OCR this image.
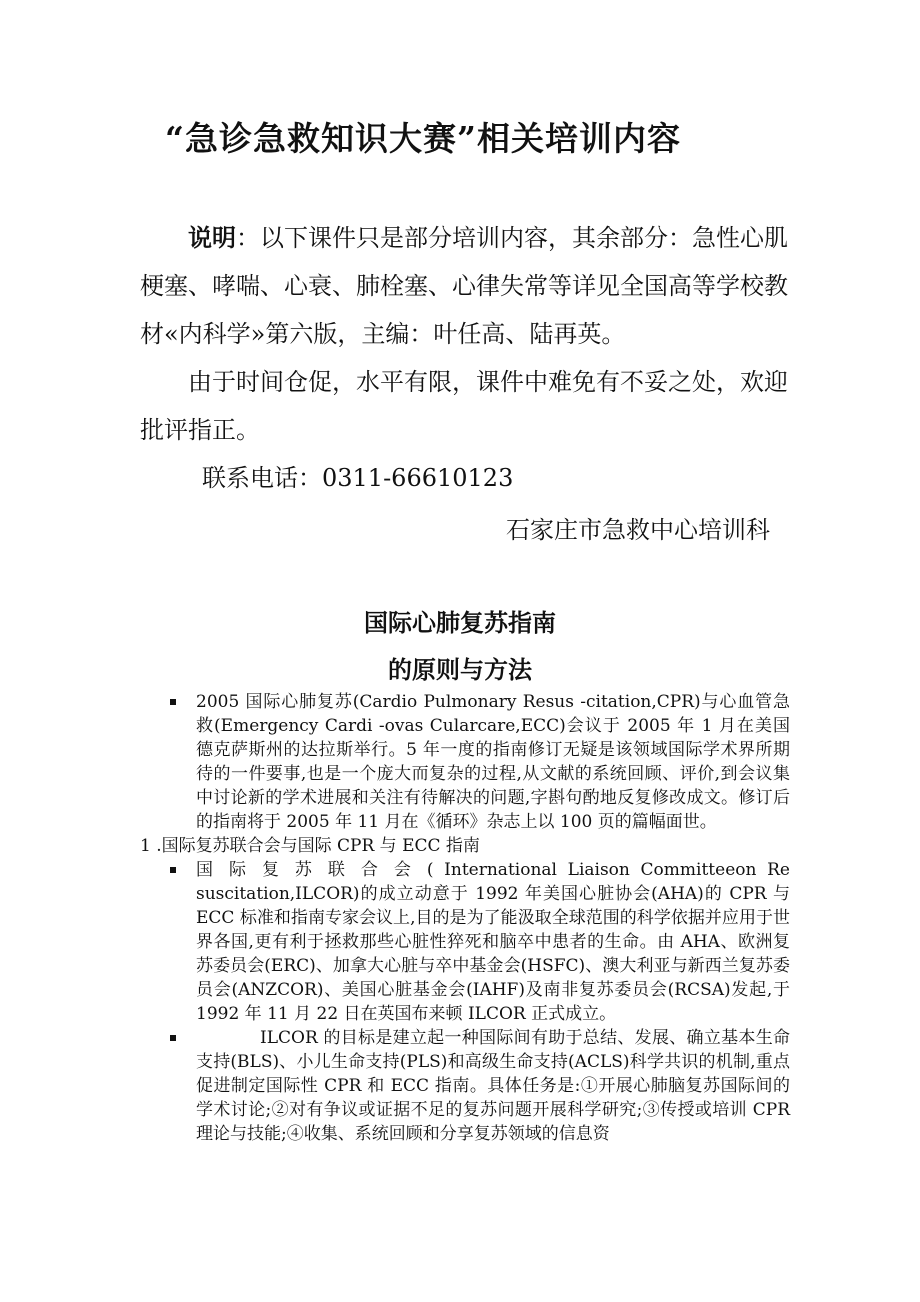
“急诊急救知识大赛”相关培训内容

说明：以下课件只是部分培训内容，其余部分：急性心肌梗塞、哮喘、心衰、肺栓塞、心律失常等详见全国高等学校教材«内科学»第六版，主编：叶任高、陆再英。

由于时间仓促，水平有限，课件中难免有不妥之处，欢迎批评指正。

联系电话：0311-66610123

石家庄市急救中心培训科

国际心肺复苏指南
的原则与方法

2005 国际心肺复苏(Cardio Pulmonary Resus -citation,CPR)与心血管急救(Emergency Cardi -ovas Cularcare,ECC)会议于 2005 年 1 月在美国德克萨斯州的达拉斯举行。5 年一度的指南修订无疑是该领域国际学术界所期待的一件要事,也是一个庞大而复杂的过程,从文献的系统回顾、评价,到会议集中讨论新的学术进展和关注有待解决的问题,字斟句酌地反复修改成文。修订后的指南将于 2005 年 11 月在《循环》杂志上以 100 页的篇幅面世。

1 .国际复苏联合会与国际 CPR 与 ECC 指南

国 际 复 苏 联 合 会 ( International Liaison Committeeon Re
suscitation,ILCOR)的成立动意于 1992 年美国心脏协会(AHA)的 CPR 与 ECC 标准和指南专家会议上,目的是为了能汲取全球范围的科学依据并应用于世界各国,更有利于拯救那些心脏性猝死和脑卒中患者的生命。由 AHA、欧洲复苏委员会(ERC)、加拿大心脏与卒中基金会(HSFC)、澳大利亚与新西兰复苏委员会(ANZCOR)、美国心脏基金会(IAHF)及南非复苏委员会(RCSA)发起,于 1992 年 11 月 22 日在英国布来顿 ILCOR 正式成立。

ILCOR 的目标是建立起一种国际间有助于总结、发展、确立基本生命支持(BLS)、小儿生命支持(PLS)和高级生命支持(ACLS)科学共识的机制,重点促进制定国际性 CPR 和 ECC 指南。具体任务是:①开展心肺脑复苏国际间的学术讨论;②对有争议或证据不足的复苏问题开展科学研究;③传授或培训 CPR 理论与技能;④收集、系统回顾和分享复苏领域的信息资
